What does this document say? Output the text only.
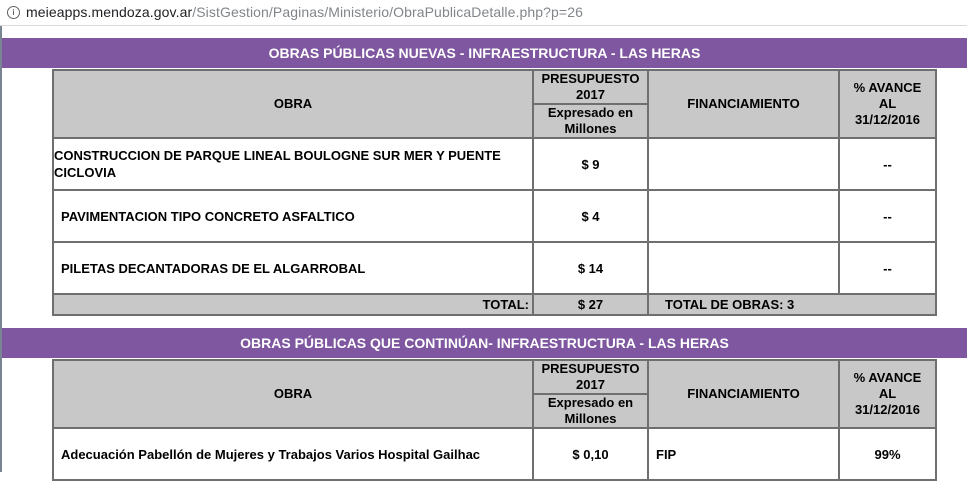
i meieapps.mendoza.gov.ar/SistGestion/Paginas/Ministerio/ObraPublicaDetalle.php?p=26
OBRAS PÚBLICAS NUEVAS - INFRAESTRUCTURA - LAS HERAS
OBRA	PRESUPUESTO 2017	FINANCIAMIENTO	% AVANCE AL 31/12/2016
	Expresado en Millones		
CONSTRUCCION DE PARQUE LINEAL BOULOGNE SUR MER Y PUENTE CICLOVIA	$ 9		--
PAVIMENTACION TIPO CONCRETO ASFALTICO	$ 4		--
PILETAS DECANTADORAS DE EL ALGARROBAL	$ 14		--
TOTAL:	$ 27	TOTAL DE OBRAS: 3	
OBRAS PÚBLICAS QUE CONTINÚAN- INFRAESTRUCTURA - LAS HERAS
OBRA	PRESUPUESTO 2017	FINANCIAMIENTO	% AVANCE AL 31/12/2016
	Expresado en Millones		
Adecuación Pabellón de Mujeres y Trabajos Varios Hospital Gailhac	$ 0,10	FIP	99%
